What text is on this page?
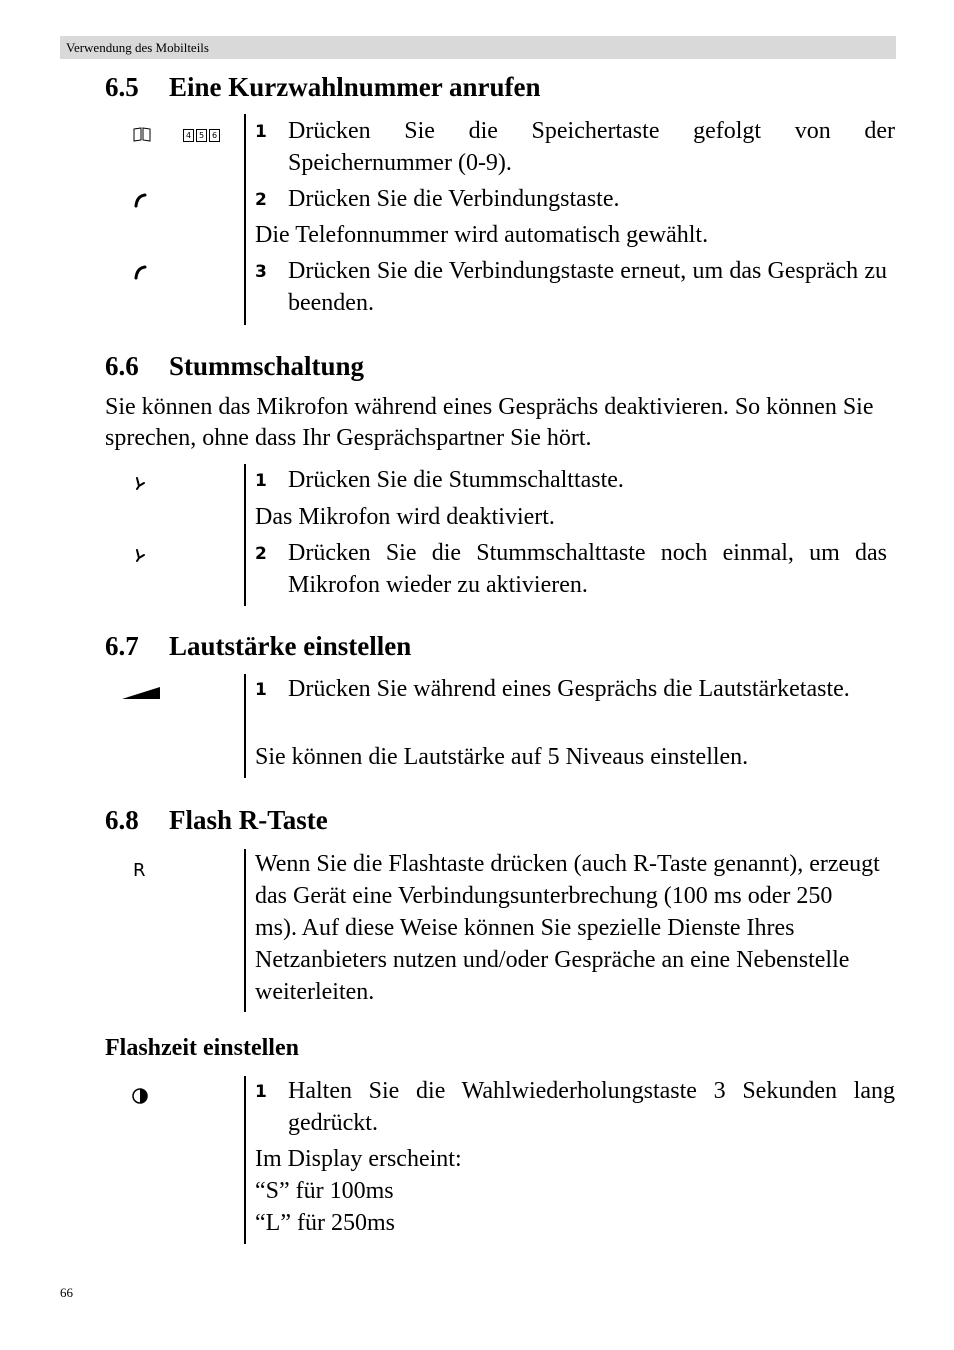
Verwendung des Mobilteils
6.5 Eine Kurzwahlnummer anrufen
4 5 6 1 Drücken Sie die Speichertaste gefolgt von der Speichernummer (0-9).
2 Drücken Sie die Verbindungstaste.

Die Telefonnummer wird automatisch gewählt.

3 Drücken Sie die Verbindungstaste erneut, um das Gespräch zu beenden.
6.6 Stummschaltung

Sie können das Mikrofon während eines Gesprächs deaktivieren. So können Sie sprechen, ohne dass Ihr Gesprächspartner Sie hört.

1 Drücken Sie die Stummschalttaste.

Das Mikrofon wird deaktiviert.

2 Drücken Sie die Stummschalttaste noch einmal, um das Mikrofon wieder zu aktivieren.
6.7 Lautstärke einstellen
1 Drücken Sie während eines Gesprächs die Lautstärketaste.

Sie können die Lautstärke auf 5 Niveaus einstellen.

6.8 Flash R-Taste
R	Wenn Sie die Flashtaste drücken (auch R-Taste genannt), erzeugt das Gerät eine Verbindungsunterbrechung (100 ms oder 250 ms). Auf diese Weise können Sie spezielle Dienste Ihres Netzanbieters nutzen und/oder Gespräche an eine Nebenstelle weiterleiten.

Flashzeit einstellen
1 Halten Sie die Wahlwiederholungstaste 3 Sekunden lang gedrückt.

Im Display erscheint:

“S” für 100ms

“L” für 250ms

66
